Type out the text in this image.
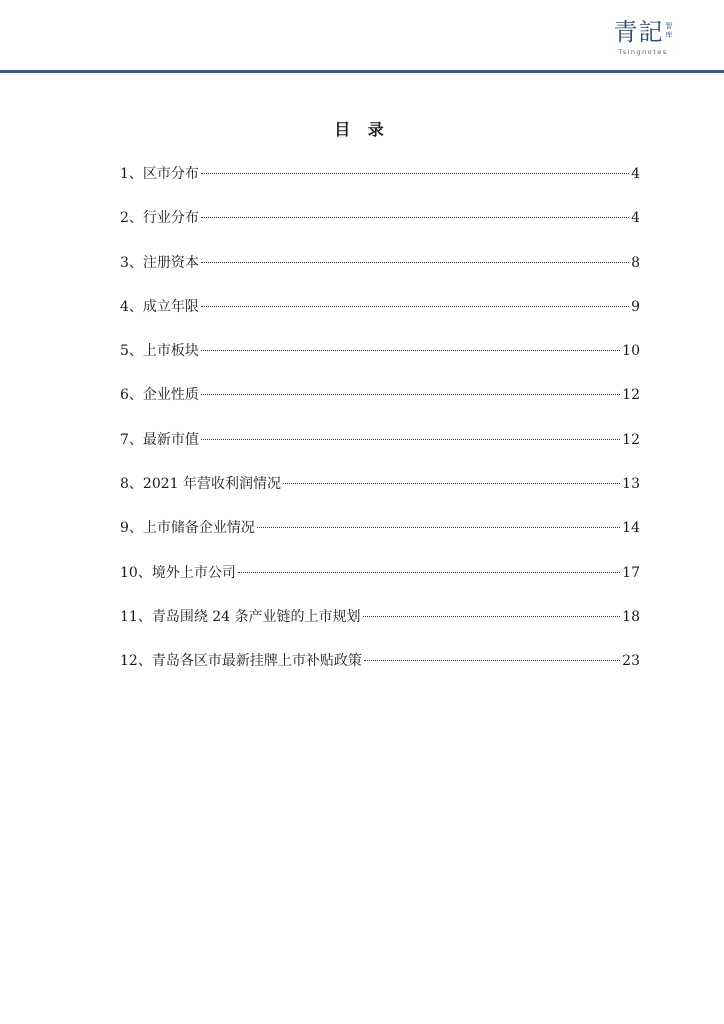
青記 智
库
Tsingnotes
目 录
1、区市分布	4
2、行业分布	4
3、注册资本	8
4、成立年限	9
5、上市板块	10
6、企业性质	12
7、最新市值	12
8、2021 年营收利润情况	13
9、上市储备企业情况	14
10、境外上市公司	17
11、青岛围绕 24 条产业链的上市规划	18
12、青岛各区市最新挂牌上市补贴政策	23
